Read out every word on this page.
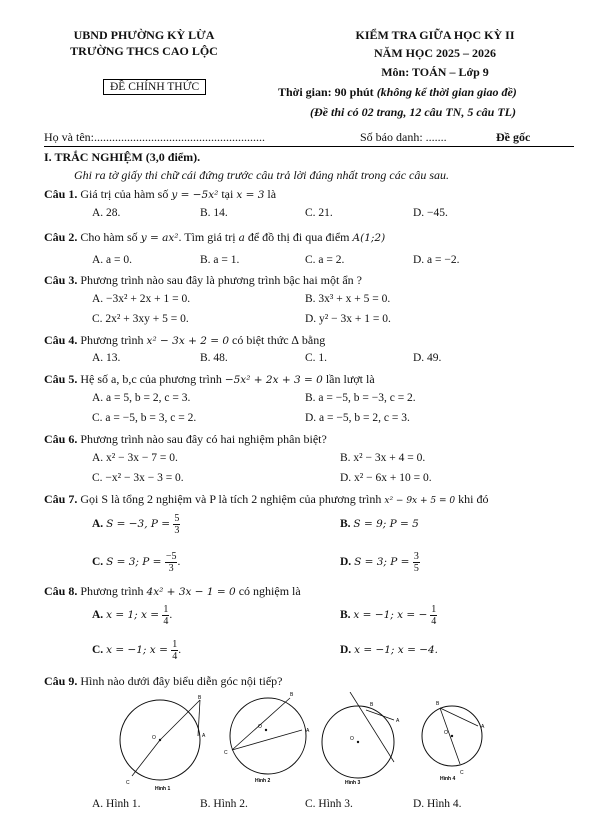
UBND PHƯỜNG KỲ LỪA
TRƯỜNG THCS CAO LỘC
ĐỀ CHÍNH THỨC
KIỂM TRA GIỮA HỌC KỲ II
NĂM HỌC 2025 – 2026
Môn: TOÁN – Lớp 9
Thời gian: 90 phút (không kể thời gian giao đề)
(Đề thi có 02 trang, 12 câu TN, 5 câu TL)
Họ và tên:.........................................................	Số báo danh: .......	Đề gốc
I. TRẮC NGHIỆM (3,0 điểm).
Ghi ra tờ giấy thi chữ cái đứng trước câu trả lời đúng nhất trong các câu sau.
Câu 1. Giá trị của hàm số y = −5x² tại x = 3 là
A. 28.	B. 14.	C. 21.	D. −45.
Câu 2. Cho hàm số y = ax². Tìm giá trị a để đồ thị đi qua điểm A(1;2)
A. a = 0.	B. a = 1.	C. a = 2.	D. a = −2.
Câu 3. Phương trình nào sau đây là phương trình bậc hai một ẩn ?
A. −3x² + 2x + 1 = 0.	B. 3x³ + x + 5 = 0.
C. 2x² + 3xy + 5 = 0.	D. y² − 3x + 1 = 0.
Câu 4. Phương trình x² − 3x + 2 = 0 có biệt thức ∆ bằng
A. 13.	B. 48.	C. 1.	D. 49.
Câu 5. Hệ số a, b,c của phương trình −5x² + 2x + 3 = 0 lần lượt là
A. a = 5, b = 2, c = 3.	B. a = −5, b = −3, c = 2.
C. a = −5, b = 3, c = 2.	D. a = −5, b = 2, c = 3.
Câu 6. Phương trình nào sau đây có hai nghiệm phân biệt?
A. x² − 3x − 7 = 0.	B. x² − 3x + 4 = 0.
C. −x² − 3x − 3 = 0.	D. x² − 6x + 10 = 0.
Câu 7. Gọi S là tổng 2 nghiệm và P là tích 2 nghiệm của phương trình x² − 9x + 5 = 0 khi đó
A. S = −3, $P = \frac{5}{3}$	B. S = 9; P = 5
C. S = 3; $P = \frac{-5}{3}$ .	D. S = 3; $P = \frac{3}{5}$
Câu 8. Phương trình 4x² + 3x − 1 = 0 có nghiệm là
A. x = 1; $x = \frac{1}{4}$ .	B. x = −1; x = − $\frac{1}{4}$
C. x = −1; $x = \frac{1}{4}$ .	D. x = −1; x = −4.
Câu 9. Hình nào dưới đây biểu diễn góc nội tiếp?
O
B
A
C
Hình 1
O
B
A
C
Hình 2
O
B
A
Hình 3
O
B
A
C
Hình 4
A. Hình 1.	B. Hình 2.	C. Hình 3.	D. Hình 4.
